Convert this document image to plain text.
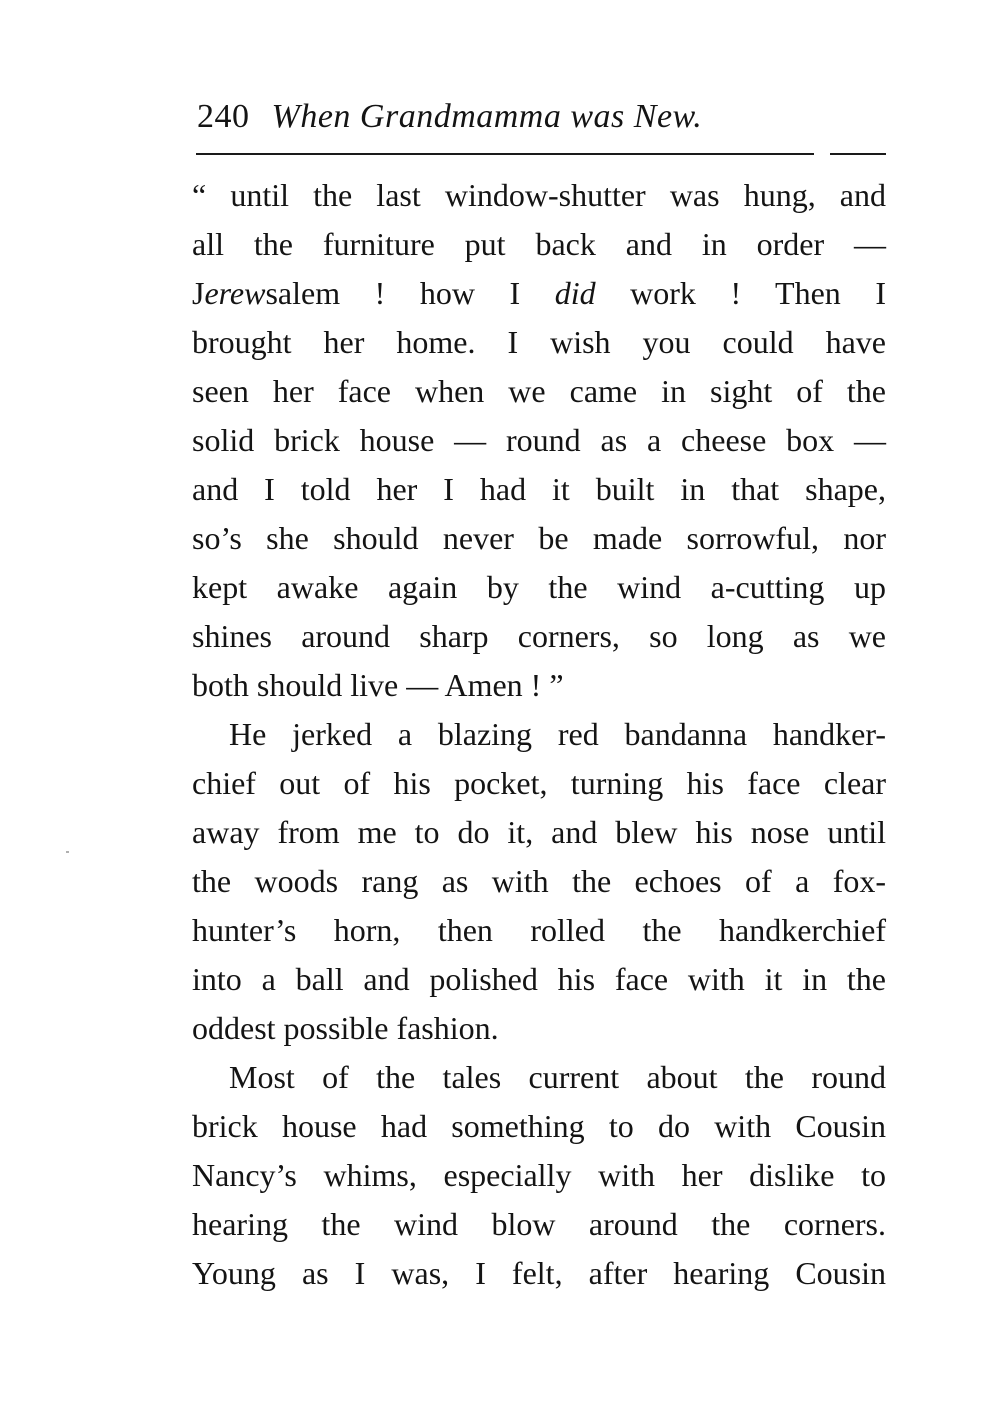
240 When Grandmamma was New.
“ until the last window-shutter was hung, and
all the furniture put back and in order —
Jerewsalem ! how I did work ! Then I
brought her home. I wish you could have
seen her face when we came in sight of the
solid brick house — round as a cheese box —
and I told her I had it built in that shape,
so’s she should never be made sorrowful, nor
kept awake again by the wind a-cutting up
shines around sharp corners, so long as we
both should live — Amen ! ”
He jerked a blazing red bandanna handker-
chief out of his pocket, turning his face clear
away from me to do it, and blew his nose until
the woods rang as with the echoes of a fox-
hunter’s horn, then rolled the handkerchief
into a ball and polished his face with it in the
oddest possible fashion.
Most of the tales current about the round
brick house had something to do with Cousin
Nancy’s whims, especially with her dislike to
hearing the wind blow around the corners.
Young as I was, I felt, after hearing Cousin
